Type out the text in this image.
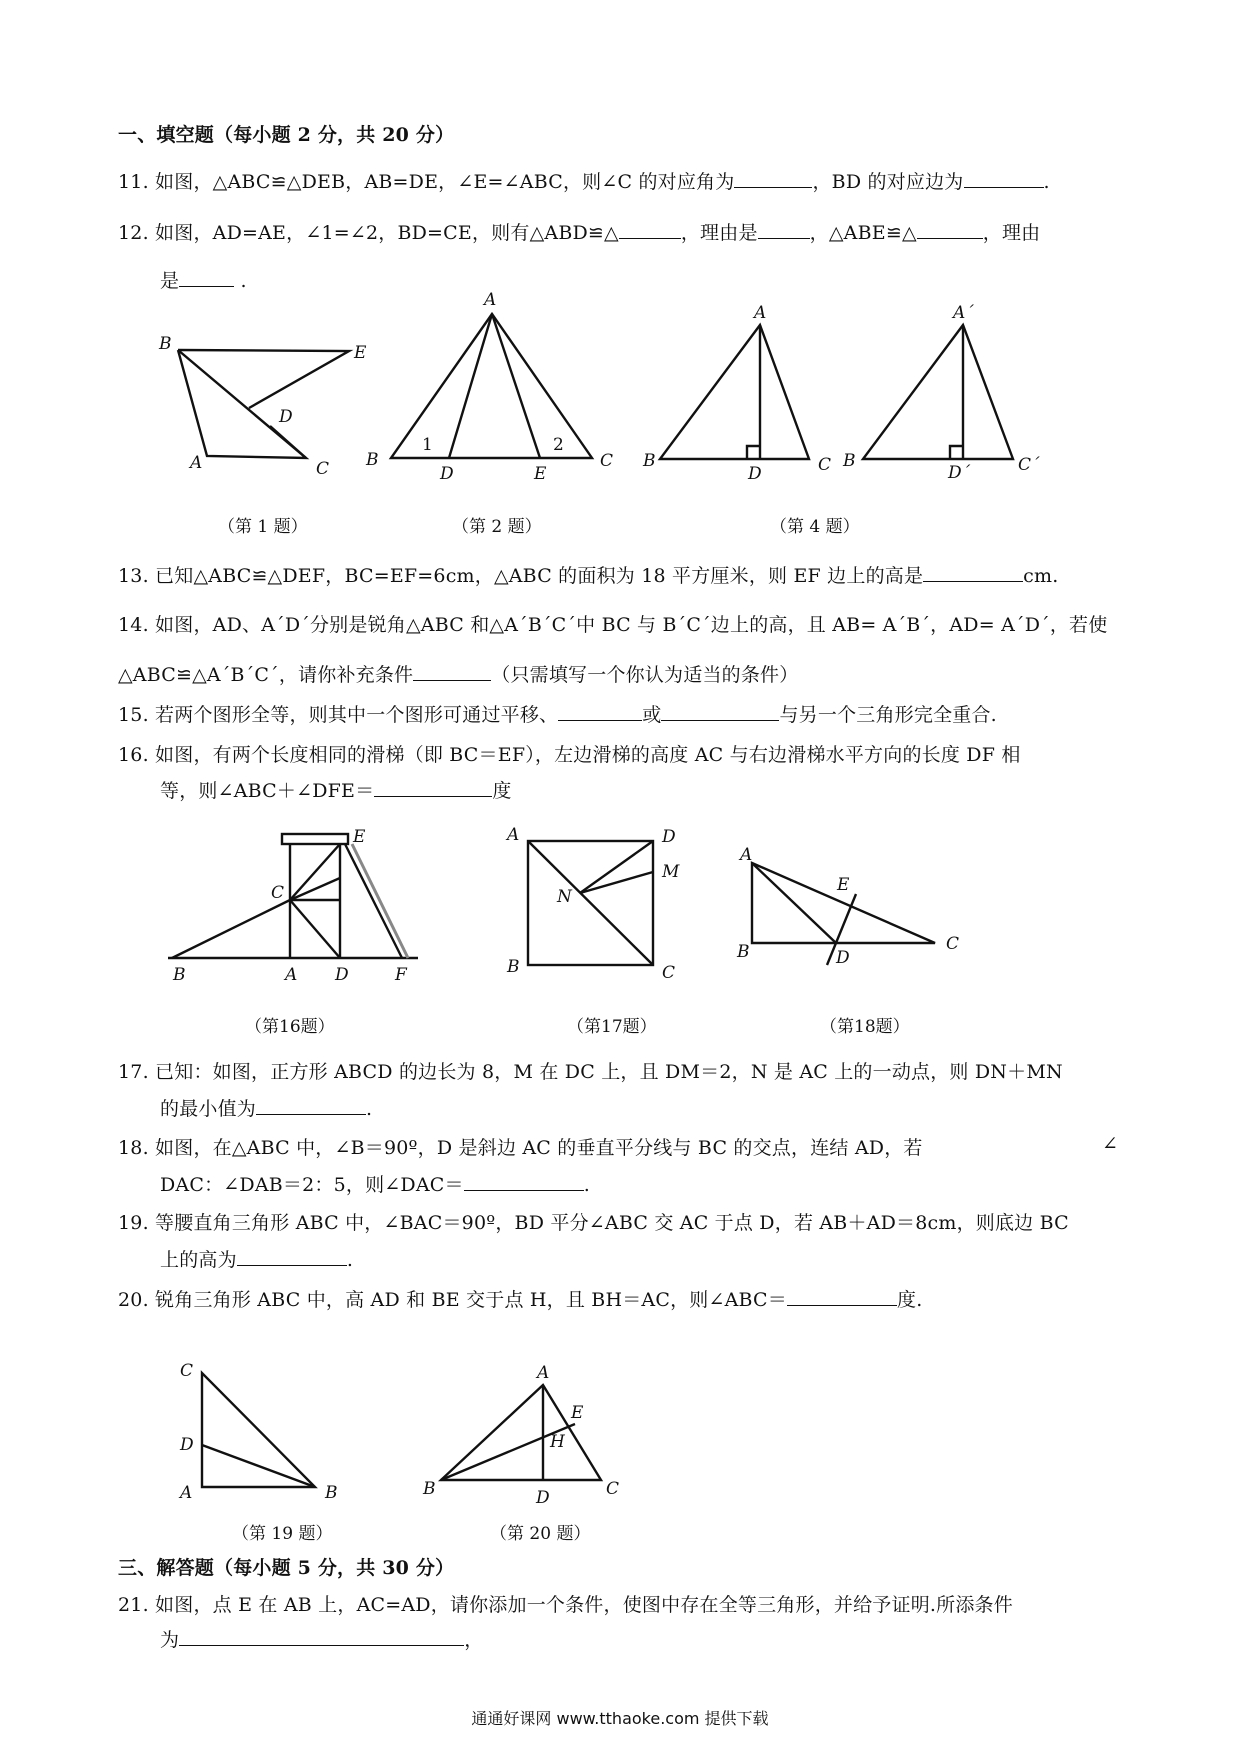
一、填空题（每小题 2 分，共 20 分）
11. 如图，△ABC≌△DEB，AB=DE，∠E=∠ABC，则∠C 的对应角为	，BD 的对应边为	.
12. 如图，AD=AE，∠1=∠2，BD=CE，则有△ABD≌△	，理由是	，△ABE≌△	，理由
是	.
B	E
D
A	C
A
B
D	E
C
1	2
A
B
D	C
A´
B
D´	C´
B	A D	F
C
E	A	D
M
N
B	C
A
E
B	D
C
C
D
A	B
A
E
H
B	D	C
（第 1 题）	（第 2 题）	（第 4 题）
13. 已知△ABC≌△DEF，BC=EF=6cm，△ABC 的面积为 18 平方厘米，则 EF 边上的高是	cm.
14. 如图，AD、A´D´分别是锐角△ABC 和△A´B´C´中 BC 与 B´C´边上的高，且 AB= A´B´，AD= A´D´，若使
△ABC≌△A´B´C´，请你补充条件	（只需填写一个你认为适当的条件）
15. 若两个图形全等，则其中一个图形可通过平移、	或	与另一个三角形完全重合.
16. 如图，有两个长度相同的滑梯（即 BC＝EF），左边滑梯的高度 AC 与右边滑梯水平方向的长度 DF 相
等，则∠ABC＋∠DFE＝	度
（第16题）	（第17题）	（第18题）
17. 已知：如图，正方形 ABCD 的边长为 8，M 在 DC 上，且 DM＝2，N 是 AC 上的一动点，则 DN＋MN
的最小值为	.
18. 如图，在△ABC 中，∠B＝90º，D 是斜边 AC 的垂直平分线与 BC 的交点，连结 AD，若	∠
DAC：∠DAB＝2：5，则∠DAC＝	.
19. 等腰直角三角形 ABC 中，∠BAC＝90º，BD 平分∠ABC 交 AC 于点 D，若 AB＋AD＝8cm，则底边 BC
上的高为	.
20. 锐角三角形 ABC 中，高 AD 和 BE 交于点 H，且 BH＝AC，则∠ABC＝	度.
（第 19 题）	（第 20 题）
三、解答题（每小题 5 分，共 30 分）
21. 如图，点 E 在 AB 上，AC=AD，请你添加一个条件，使图中存在全等三角形，并给予证明.所添条件
为	，
通通好课网 www.tthaoke.com 提供下载
